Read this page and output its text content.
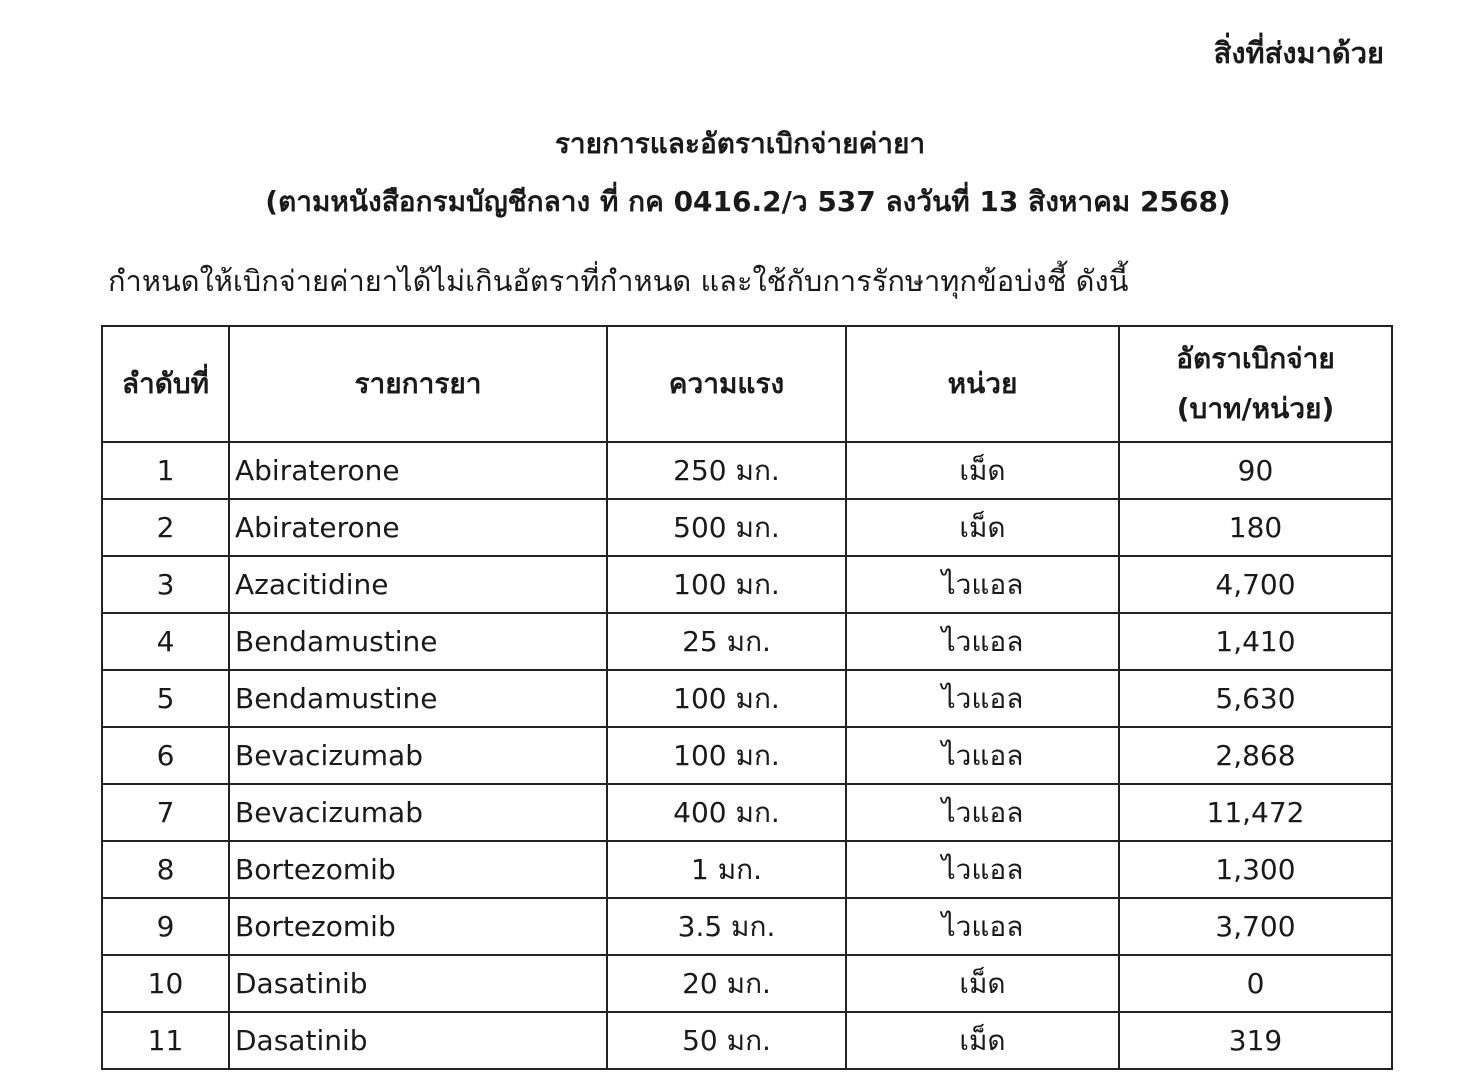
สิ่งที่ส่งมาด้วย
รายการและอัตราเบิกจ่ายค่ายา
(ตามหนังสือกรมบัญชีกลาง ที่ กค 0416.2/ว 537 ลงวันที่ 13 สิงหาคม 2568)
กำหนดให้เบิกจ่ายค่ายาได้ไม่เกินอัตราที่กำหนด และใช้กับการรักษาทุกข้อบ่งชี้ ดังนี้
ลำดับที่	รายการยา	ความแรง	หน่วย	อัตราเบิกจ่าย
(บาท/หน่วย)

1	Abiraterone	250 มก.	เม็ด	90
2	Abiraterone	500 มก.	เม็ด	180
3	Azacitidine	100 มก.	ไวแอล	4,700
4	Bendamustine	25 มก.	ไวแอล	1,410
5	Bendamustine	100 มก.	ไวแอล	5,630
6	Bevacizumab	100 มก.	ไวแอล	2,868
7	Bevacizumab	400 มก.	ไวแอล	11,472
8	Bortezomib	1 มก.	ไวแอล	1,300
9	Bortezomib	3.5 มก.	ไวแอล	3,700
10	Dasatinib	20 มก.	เม็ด	0
11	Dasatinib	50 มก.	เม็ด	319
